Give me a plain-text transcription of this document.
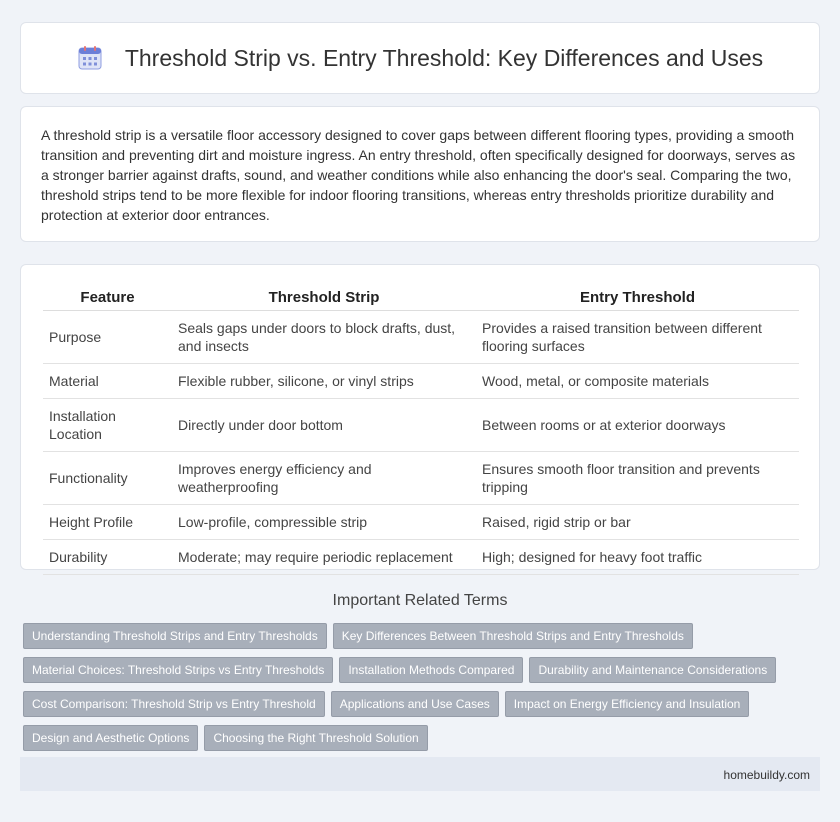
Threshold Strip vs. Entry Threshold: Key Differences and Uses

A threshold strip is a versatile floor accessory designed to cover gaps between different flooring types, providing a smooth transition and preventing dirt and moisture ingress. An entry threshold, often specifically designed for doorways, serves as a stronger barrier against drafts, sound, and weather conditions while also enhancing the door's seal. Comparing the two, threshold strips tend to be more flexible for indoor flooring transitions, whereas entry thresholds prioritize durability and protection at exterior door entrances.

Feature	Threshold Strip	Entry Threshold
Purpose	Seals gaps under doors to block drafts, dust, and insects	Provides a raised transition between different flooring surfaces
Material	Flexible rubber, silicone, or vinyl strips	Wood, metal, or composite materials
Installation Location	Directly under door bottom	Between rooms or at exterior doorways
Functionality	Improves energy efficiency and weatherproofing	Ensures smooth floor transition and prevents tripping
Height Profile	Low-profile, compressible strip	Raised, rigid strip or bar
Durability	Moderate; may require periodic replacement	High; designed for heavy foot traffic
Important Related Terms
Understanding Threshold Strips and Entry Thresholds Key Differences Between Threshold Strips and Entry Thresholds
Material Choices: Threshold Strips vs Entry Thresholds Installation Methods Compared Durability and Maintenance Considerations
Cost Comparison: Threshold Strip vs Entry Threshold Applications and Use Cases Impact on Energy Efficiency and Insulation
Design and Aesthetic Options Choosing the Right Threshold Solution
homebuildy.com
